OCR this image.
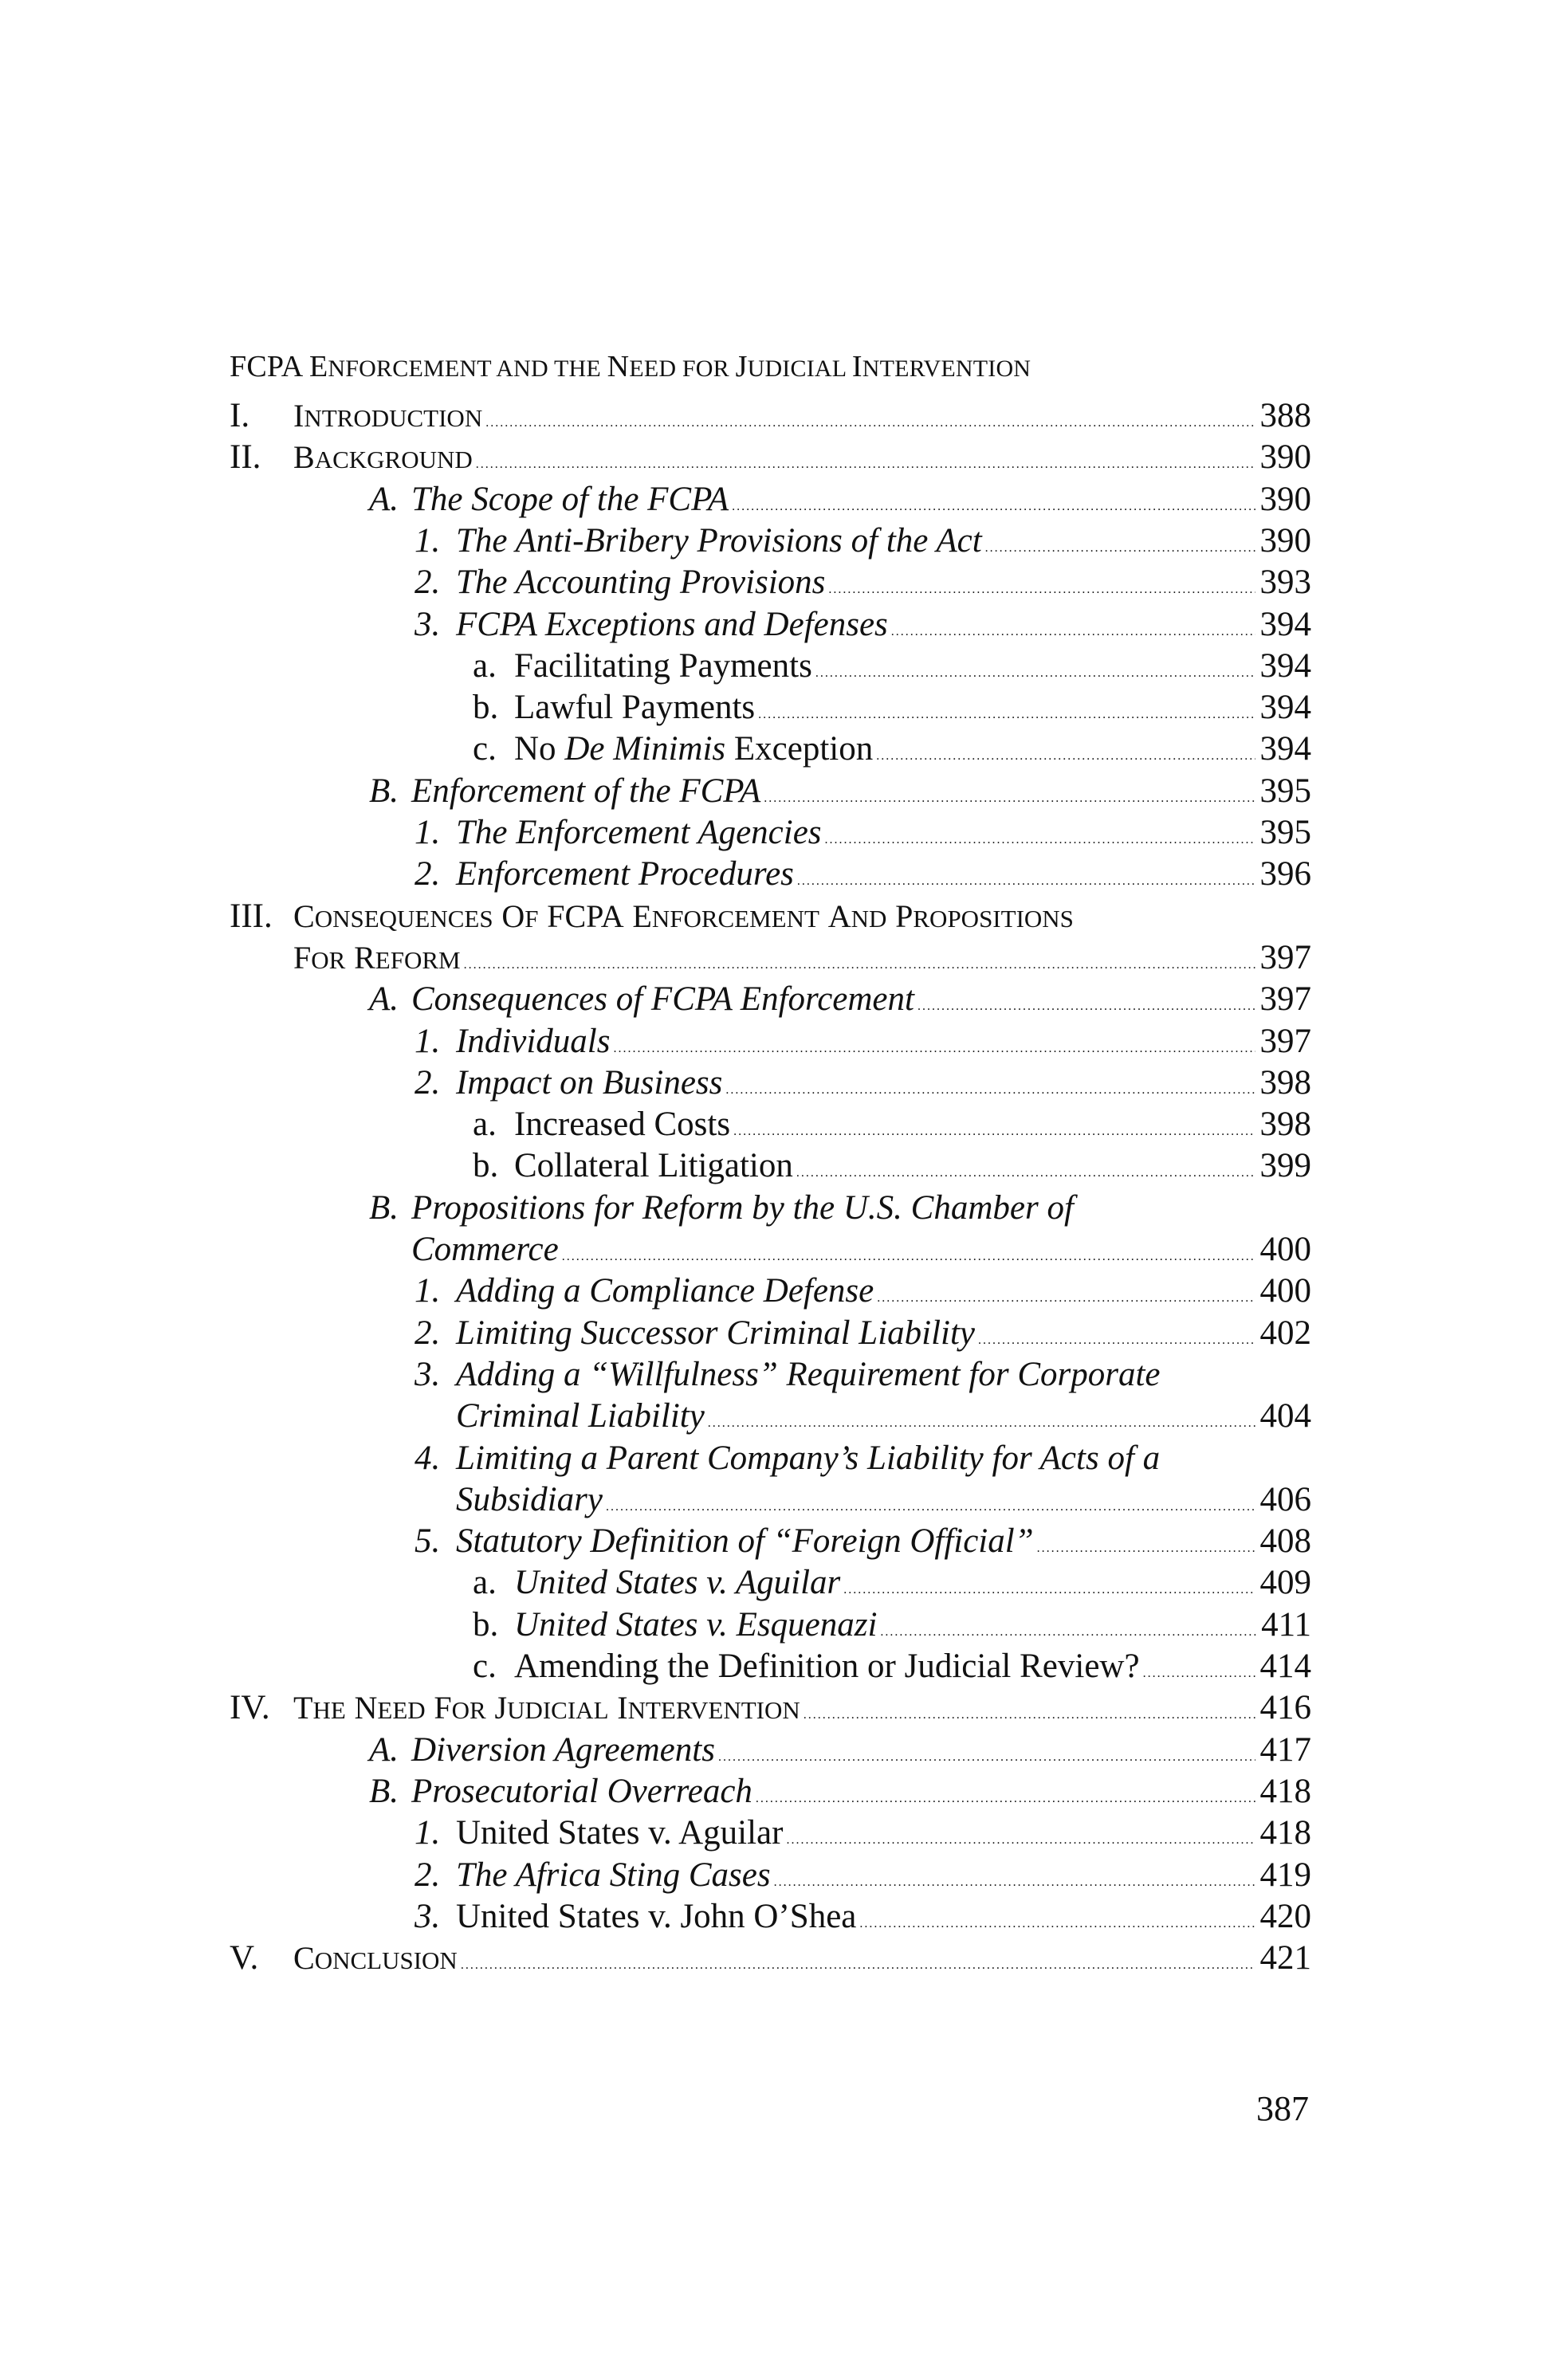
FCPA ENFORCEMENT AND THE NEED FOR JUDICIAL INTERVENTION
I. INTRODUCTION .....	388
II. BACKGROUND .....	390
A. The Scope of the FCPA .....	390
1. The Anti-Bribery Provisions of the Act .....	390
2. The Accounting Provisions .....	393
3. FCPA Exceptions and Defenses .....	394
a. Facilitating Payments .....	394
b. Lawful Payments .....	394
c. No De Minimis Exception .....	394
B. Enforcement of the FCPA .....	395
1. The Enforcement Agencies .....	395
2. Enforcement Procedures .....	396
III. CONSEQUENCES OF FCPA ENFORCEMENT AND PROPOSITIONS
FOR REFORM .....	397
A. Consequences of FCPA Enforcement .....	397
1. Individuals .....	397
2. Impact on Business .....	398
a. Increased Costs .....	398
b. Collateral Litigation .....	399
B. Propositions for Reform by the U.S. Chamber of
Commerce .....	400
1. Adding a Compliance Defense .....	400
2. Limiting Successor Criminal Liability .....	402
3. Adding a “Willfulness” Requirement for Corporate
Criminal Liability .....	404
4. Limiting a Parent Company’s Liability for Acts of a
Subsidiary .....	406
5. Statutory Definition of “Foreign Official” .....	408
a. United States v. Aguilar .....	409
b. United States v. Esquenazi .....	411
c. Amending the Definition or Judicial Review? .....	414
IV. THE NEED FOR JUDICIAL INTERVENTION .....	416
A. Diversion Agreements .....	417
B. Prosecutorial Overreach .....	418
1. United States v. Aguilar .....	418
2. The Africa Sting Cases .....	419
3. United States v. John O’Shea .....	420
V. CONCLUSION .....	421
387
